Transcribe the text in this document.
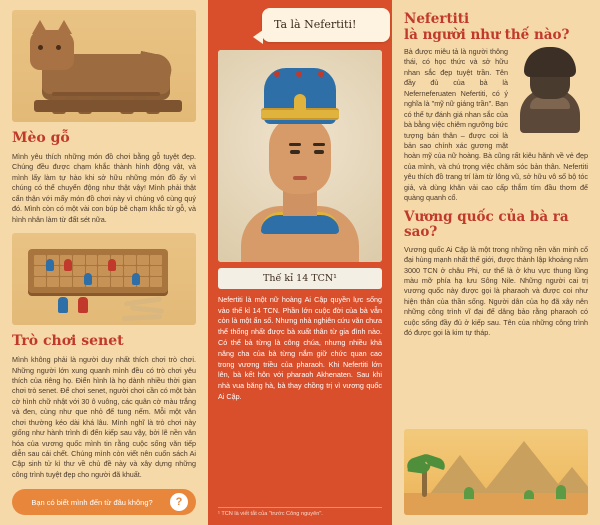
Mèo gỗ

Mình yêu thích những món đồ chơi bằng gỗ tuyệt đẹp. Chúng đều được chạm khắc thành hình động vật, và mình lấy làm tự hào khi sở hữu những món đồ ấy vì chúng có thể chuyển động như thật vậy! Mình phải thật cẩn thận với mấy món đồ chơi này vì chúng vô cùng quý đó. Mình còn có một vài con búp bê chạm khắc từ gỗ, và hình nhân làm từ đất sét nữa.

Trò chơi senet

Mình không phải là người duy nhất thích chơi trò chơi. Những người lớn xung quanh mình đều có trò chơi yêu thích của riêng họ. Điển hình là họ dành nhiều thời gian chơi trò senet. Để chơi senet, người chơi cần có một bàn cờ hình chữ nhật với 30 ô vuông, các quân cờ màu trắng và đen, cùng như que nhỏ để tung nếm. Mỗi một văn chơi thường kéo dài khá lâu. Mình nghĩ là trò chơi này giống như hành trình đi đến kiếp sau vậy, bởi lẽ nền văn hóa của vương quốc mình tin rằng cuộc sống văn tiếp diễn sau cái chết. Chúng mình còn viết nên cuốn sách Ai Cập sinh tử kì thư về chủ đề này và xây dựng những công trình tuyệt đẹp cho người đã khuất.

Bạn có biết mình đến từ đâu không?	?
Ta là Nefertiti!
Thế kỉ 14 TCN¹

Nefertiti là một nữ hoàng Ai Cập quyền lực sống vào thế kỉ 14 TCN. Phần lớn cuộc đời của bà vẫn còn là một ẩn số. Nhưng nhà nghiên cứu văn chưa thể thống nhất được bà xuất thân từ gia đình nào. Có thể bà từng là công chúa, nhưng nhiều khả năng cha của bà từng nắm giữ chức quan cao trong vương triều của pharaoh. Khi Nefertiti lớn lên, bà kết hôn với pharaoh Akhenaten. Sau khi nhà vua băng hà, bà thay chồng trị vì vương quốc Ai Cập.

¹ TCN là viết tắt của "trước Công nguyên".
Nefertiti
là người như thế nào?

Bà được miêu tả là người thông thái, có học thức và sở hữu nhan sắc đẹp tuyệt trần. Tên đầy đủ của bà là Neferneferuaten Nefertiti, có ý nghĩa là "mỹ nữ giáng trần". Bạn có thể tự đánh giá nhan sắc của bà bằng việc chiêm ngưỡng bức tượng bán thân – được coi là bản sao chính xác gương mặt hoàn mỹ của nữ hoàng. Bà cũng rất kiêu hãnh về vẻ đẹp của mình, và chú trọng việc chăm sóc bản thân. Nefertiti yêu thích đồ trang trí làm từ lông vũ, sở hữu vô số bộ tóc giả, và dùng khăn vải cao cấp thắm tím đầu thơm để quàng quanh cổ.

Vương quốc của bà ra sao?

Vương quốc Ai Cập là một trong những nền văn minh cổ đại hùng mạnh nhất thế giới, được thành lập khoảng năm 3000 TCN ở châu Phi, cư thể là ở khu vực thung lũng màu mỡ phía hạ lưu Sông Nile. Những người cai trị vương quốc này được gọi là pharaoh và được coi như hiện thân của thần sống. Người dân của họ đã xây nên những công trình vĩ đại để dâng bảo rằng pharaoh có cuộc sống đầy đủ ở kiếp sau. Tên của những công trình đó được gọi là kim tự tháp.
